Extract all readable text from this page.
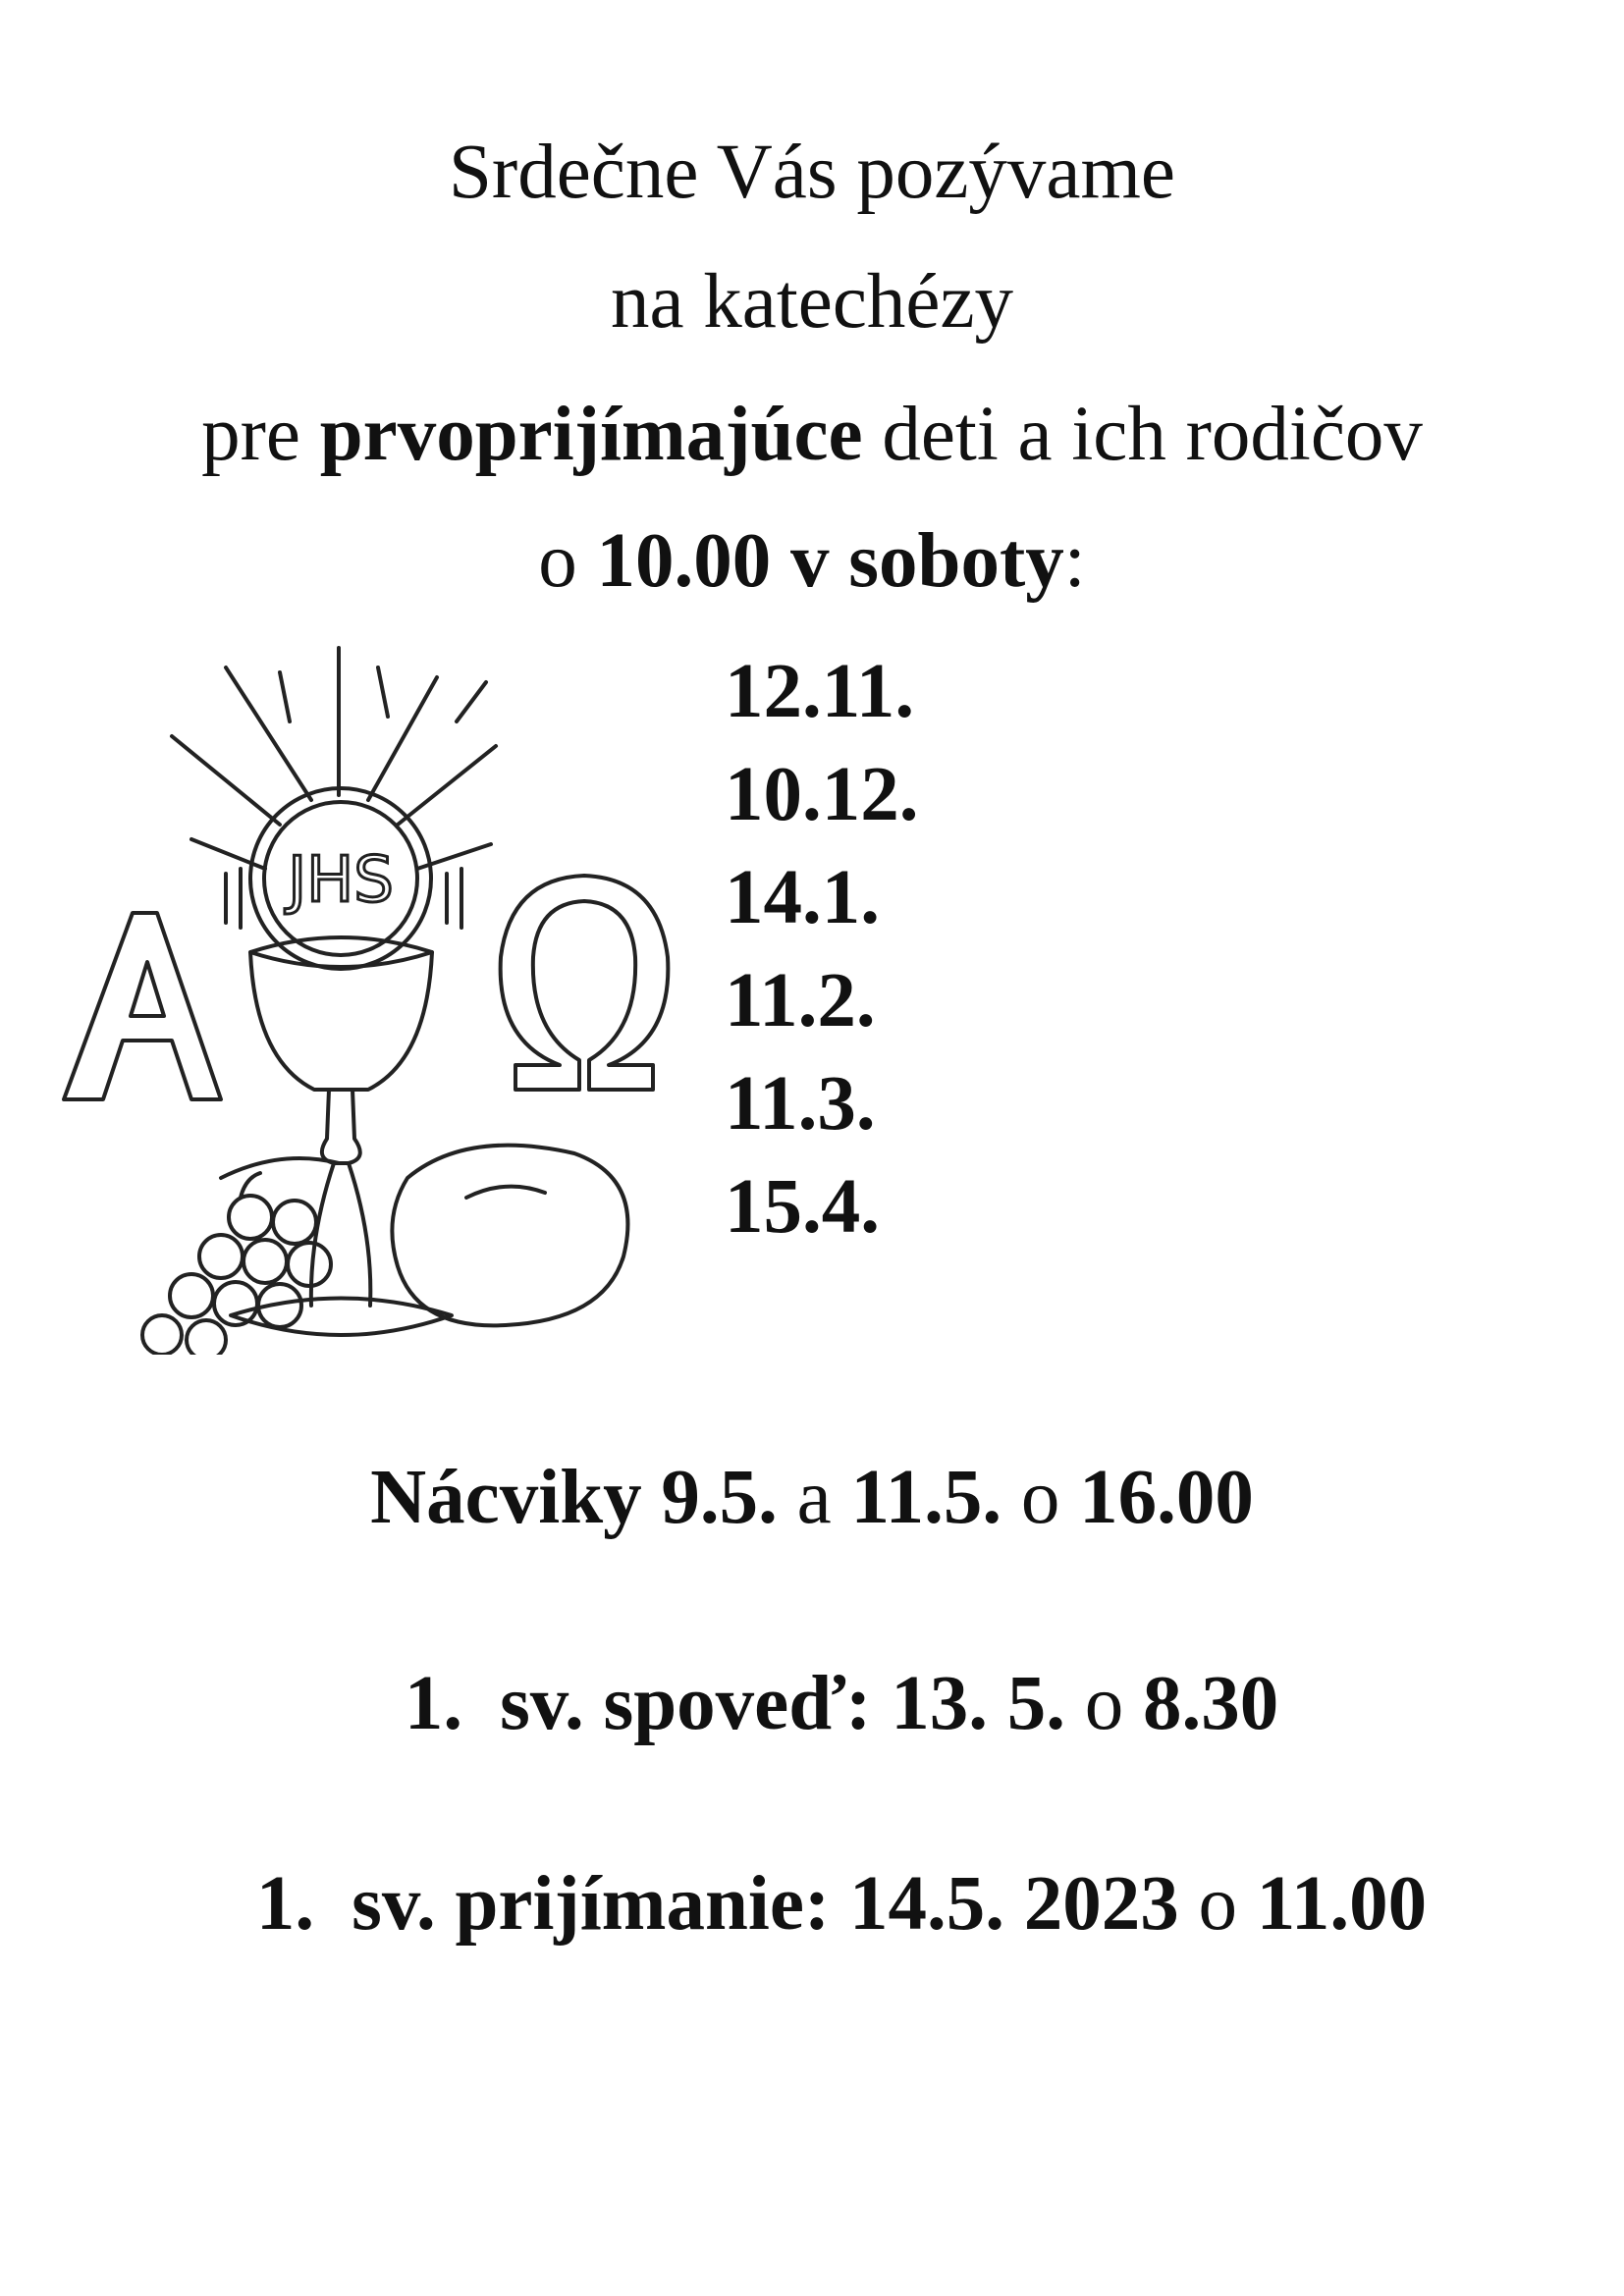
Srdečne Vás pozývame
na katechézy
pre prvoprijímajúce deti a ich rodičov
o 10.00 v soboty:
JHS
12.11.
10.12.
14.1.
11.2.
11.3.
15.4.
Nácviky 9.5. a 11.5. o 16.00
1. sv. spoveď: 13. 5. o 8.30
1. sv. prijímanie: 14.5. 2023 o 11.00
